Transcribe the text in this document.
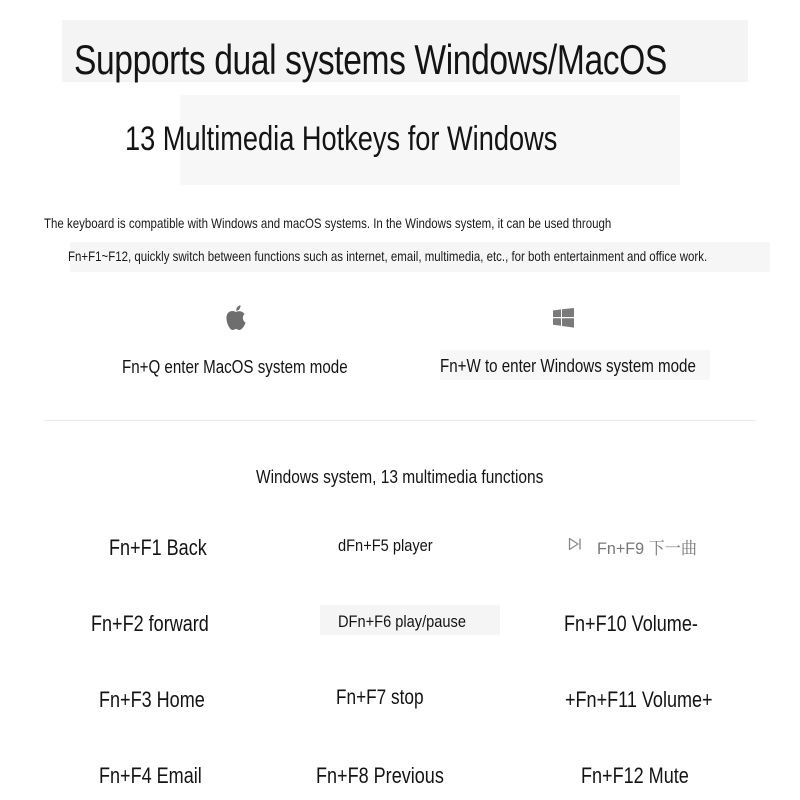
Supports dual systems Windows/MacOS
13 Multimedia Hotkeys for Windows
The keyboard is compatible with Windows and macOS systems. In the Windows system, it can be used through
Fn+F1~F12, quickly switch between functions such as internet, email, multimedia, etc., for both entertainment and office work.
Fn+Q enter MacOS system mode	Fn+W to enter Windows system mode
Windows system, 13 multimedia functions
Fn+F1 Back
Fn+F2 forward
Fn+F3 Home
Fn+F4 Email
dFn+F5 player
DFn+F6 play/pause
Fn+F7 stop
Fn+F8 Previous
Fn+F9 下一曲
Fn+F10 Volume-
+Fn+F11 Volume+
Fn+F12 Mute
